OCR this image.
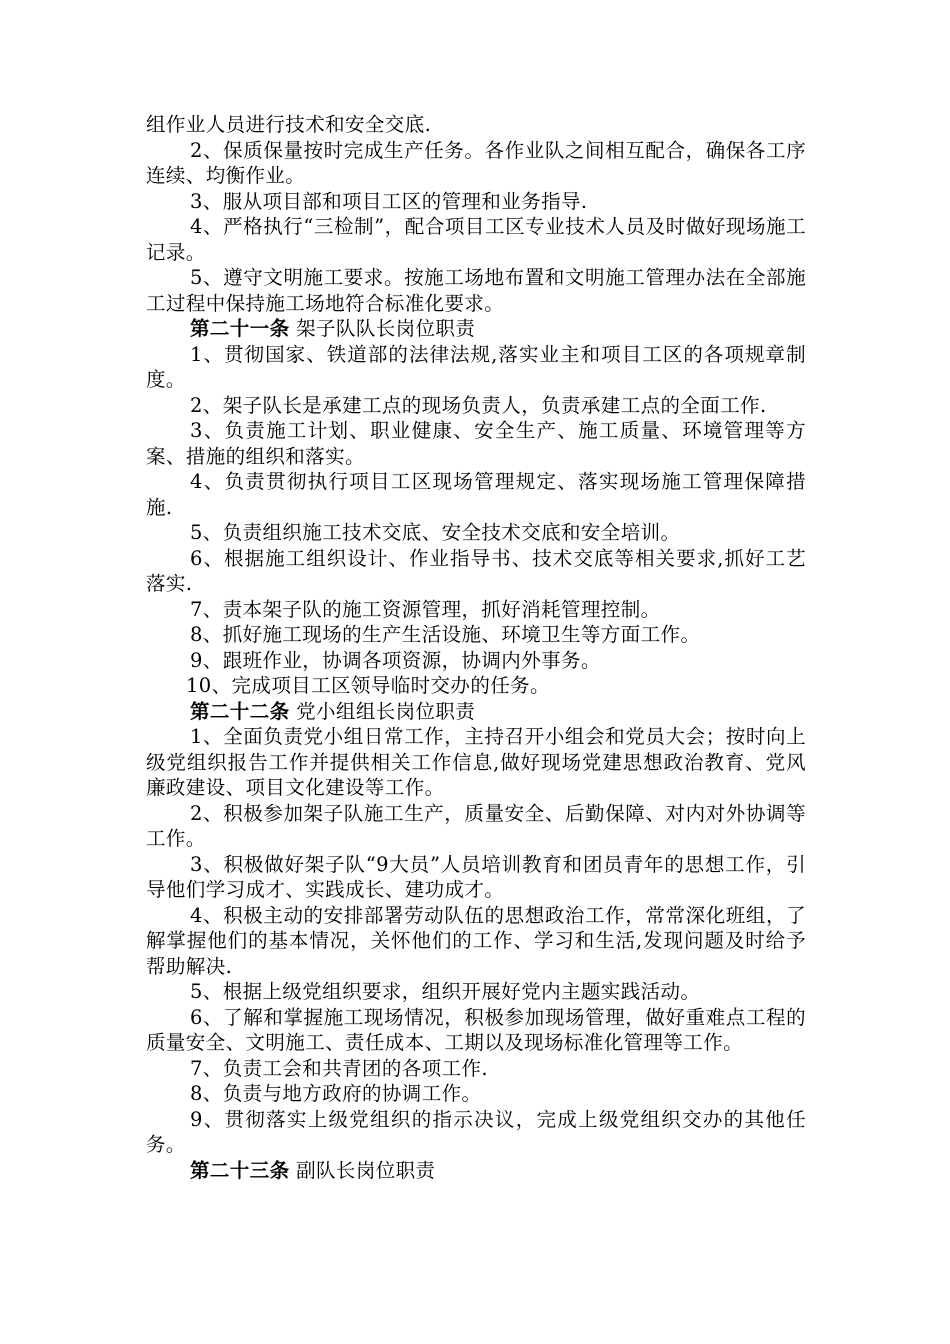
组作业人员进行技术和安全交底.

2、保质保量按时完成生产任务。各作业队之间相互配合，确保各工序连续、均衡作业。

3、服从项目部和项目工区的管理和业务指导.

4、严格执行“三检制”，配合项目工区专业技术人员及时做好现场施工记录。

5、遵守文明施工要求。按施工场地布置和文明施工管理办法在全部施工过程中保持施工场地符合标准化要求。

第二十一条 架子队队长岗位职责

1、贯彻国家、铁道部的法律法规,落实业主和项目工区的各项规章制度。

2、架子队长是承建工点的现场负责人，负责承建工点的全面工作.

3、负责施工计划、职业健康、安全生产、施工质量、环境管理等方案、措施的组织和落实。

4、负责贯彻执行项目工区现场管理规定、落实现场施工管理保障措施.

5、负责组织施工技术交底、安全技术交底和安全培训。

6、根据施工组织设计、作业指导书、技术交底等相关要求,抓好工艺落实.

7、责本架子队的施工资源管理，抓好消耗管理控制。

8、抓好施工现场的生产生活设施、环境卫生等方面工作。

9、跟班作业，协调各项资源，协调内外事务。

10、完成项目工区领导临时交办的任务。

第二十二条 党小组组长岗位职责

1、全面负责党小组日常工作，主持召开小组会和党员大会；按时向上级党组织报告工作并提供相关工作信息,做好现场党建思想政治教育、党风廉政建设、项目文化建设等工作。

2、积极参加架子队施工生产，质量安全、后勤保障、对内对外协调等工作。

3、积极做好架子队“9大员”人员培训教育和团员青年的思想工作，引导他们学习成才、实践成长、建功成才。

4、积极主动的安排部署劳动队伍的思想政治工作，常常深化班组，了解掌握他们的基本情况，关怀他们的工作、学习和生活,发现问题及时给予帮助解决.

5、根据上级党组织要求，组织开展好党内主题实践活动。

6、了解和掌握施工现场情况，积极参加现场管理，做好重难点工程的质量安全、文明施工、责任成本、工期以及现场标准化管理等工作。

7、负责工会和共青团的各项工作.

8、负责与地方政府的协调工作。

9、贯彻落实上级党组织的指示决议，完成上级党组织交办的其他任务。

第二十三条 副队长岗位职责
